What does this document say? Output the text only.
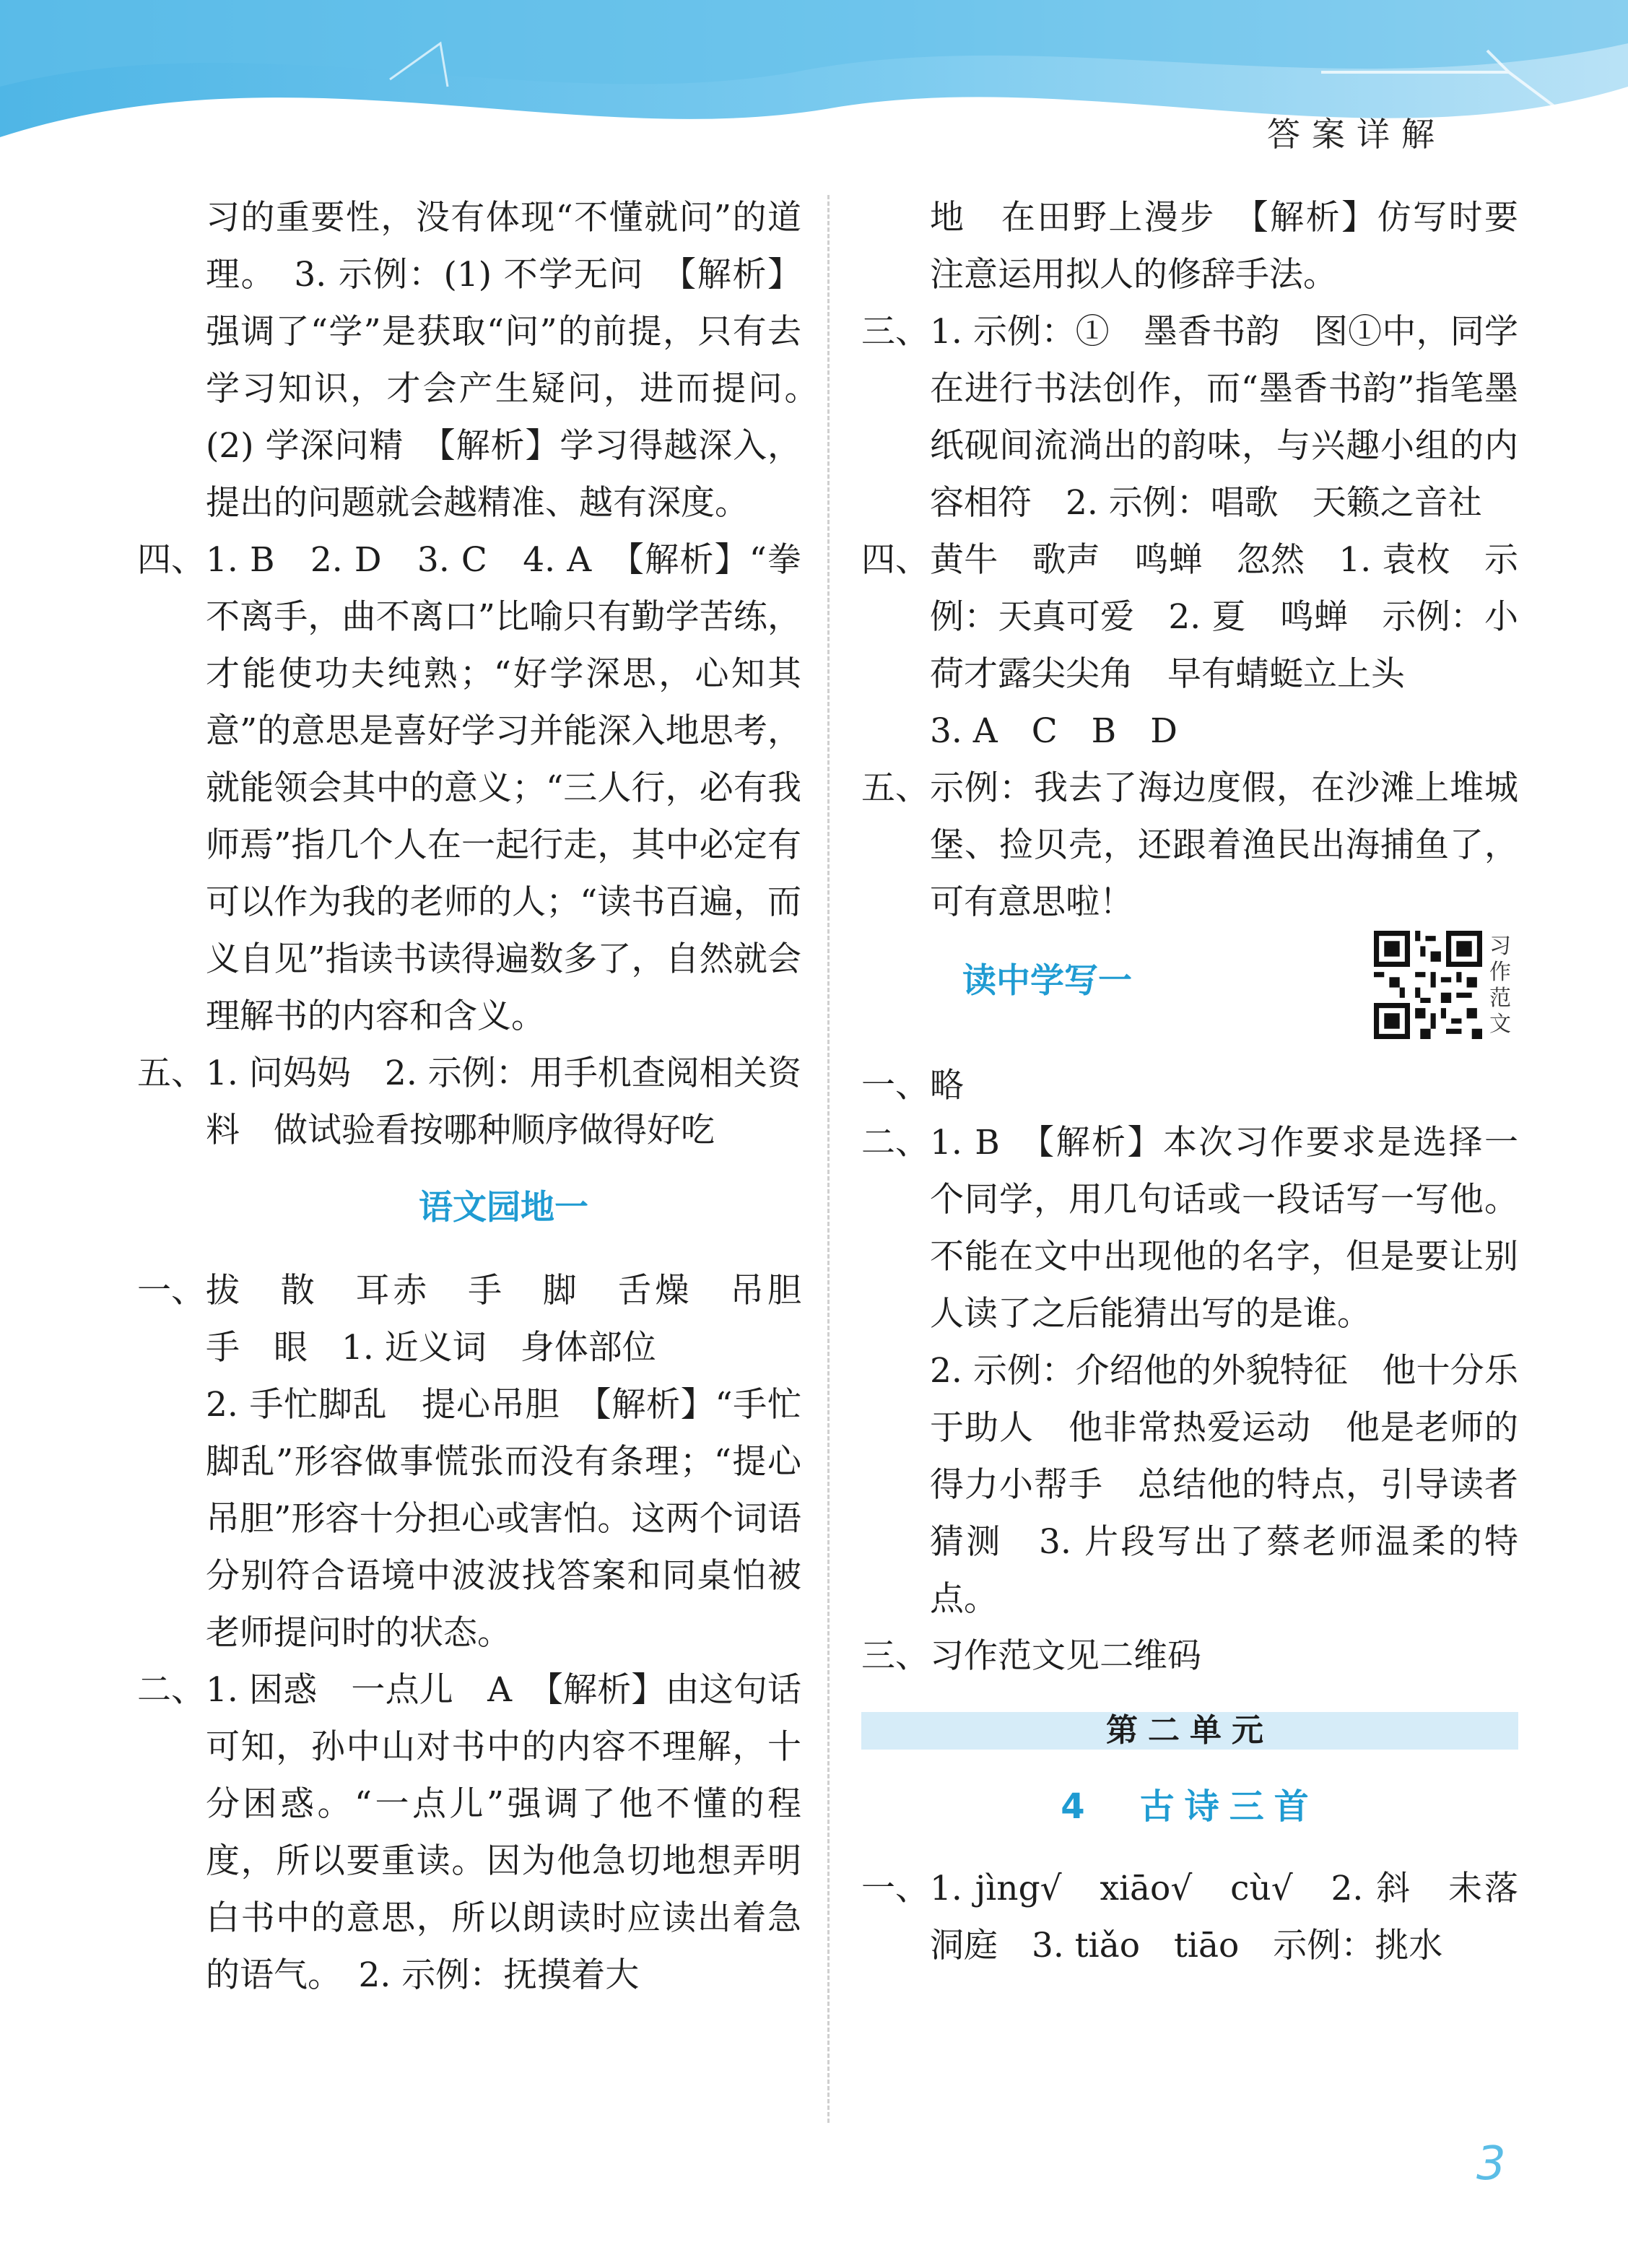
答案详解

习的重要性，没有体现“不懂就问”的道理。　3. 示例：(1) 不学无问　【解析】强调了“学”是获取“问”的前提，只有去学习知识，才会产生疑问，进而提问。　(2) 学深问精　【解析】学习得越深入，提出的问题就会越精准、越有深度。

四、 1. B　2. D　3. C　4. A　【解析】“拳不离手，曲不离口”比喻只有勤学苦练，才能使功夫纯熟；“好学深思，心知其意”的意思是喜好学习并能深入地思考，就能领会其中的意义；“三人行，必有我师焉”指几个人在一起行走，其中必定有可以作为我的老师的人；“读书百遍，而义自见”指读书读得遍数多了，自然就会理解书的内容和含义。

五、 1. 问妈妈　2. 示例：用手机查阅相关资料　做试验看按哪种顺序做得好吃

语文园地一

一、 拔　散　耳赤　手　脚　舌燥　吊胆　手　眼　1. 近义词　身体部位

2. 手忙脚乱　提心吊胆　【解析】“手忙脚乱”形容做事慌张而没有条理；“提心吊胆”形容十分担心或害怕。这两个词语分别符合语境中波波找答案和同桌怕被老师提问时的状态。

二、 1. 困惑　一点儿　A　【解析】由这句话可知，孙中山对书中的内容不理解，十分困惑。“一点儿”强调了他不懂的程度，所以要重读。因为他急切地想弄明白书中的意思，所以朗读时应读出着急的语气。　2. 示例：抚摸着大

地　在田野上漫步　【解析】仿写时要注意运用拟人的修辞手法。

三、 1. 示例：①　墨香书韵　图①中，同学在进行书法创作，而“墨香书韵”指笔墨纸砚间流淌出的韵味，与兴趣小组的内容相符　2. 示例：唱歌　天籁之音社

四、 黄牛　歌声　鸣蝉　忽然　1. 袁枚　示例：天真可爱　2. 夏　鸣蝉　示例：小荷才露尖尖角　早有蜻蜓立上头

3. A　C　B　D

五、 示例：我去了海边度假，在沙滩上堆城堡、捡贝壳，还跟着渔民出海捕鱼了，可有意思啦！

读中学写一
习作范文

一、 略

二、 1. B　【解析】本次习作要求是选择一个同学，用几句话或一段话写一写他。不能在文中出现他的名字，但是要让别人读了之后能猜出写的是谁。

2. 示例：介绍他的外貌特征　他十分乐于助人　他非常热爱运动　他是老师的得力小帮手　总结他的特点，引导读者猜测　3. 片段写出了蔡老师温柔的特点。

三、 习作范文见二维码

第二单元
4　古诗三首

一、 1. jìng√　xiāo√　cù√　2. 斜　未落　洞庭　3. tiǎo　tiāo　示例：挑水

3
